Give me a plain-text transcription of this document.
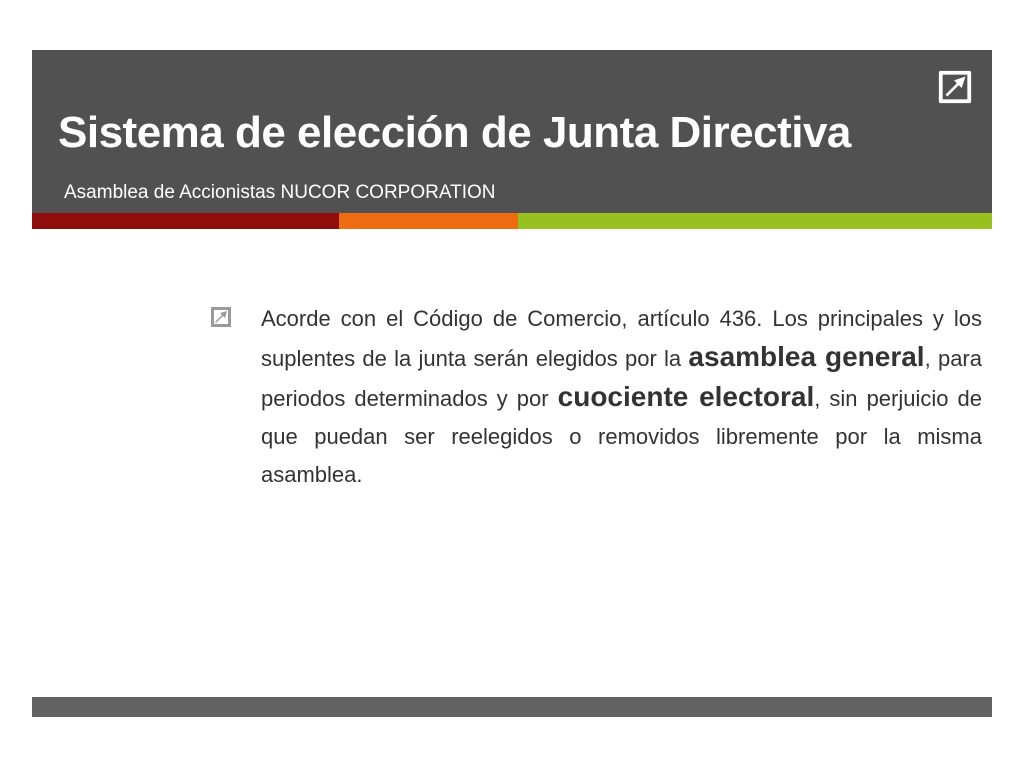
Sistema de elección de Junta Directiva
Asamblea de Accionistas NUCOR CORPORATION
Acorde con el Código de Comercio, artículo 436. Los principales y los suplentes de la junta serán elegidos por la asamblea general, para periodos determinados y por cuociente electoral, sin perjuicio de que puedan ser reelegidos o removidos libremente por la misma asamblea.
